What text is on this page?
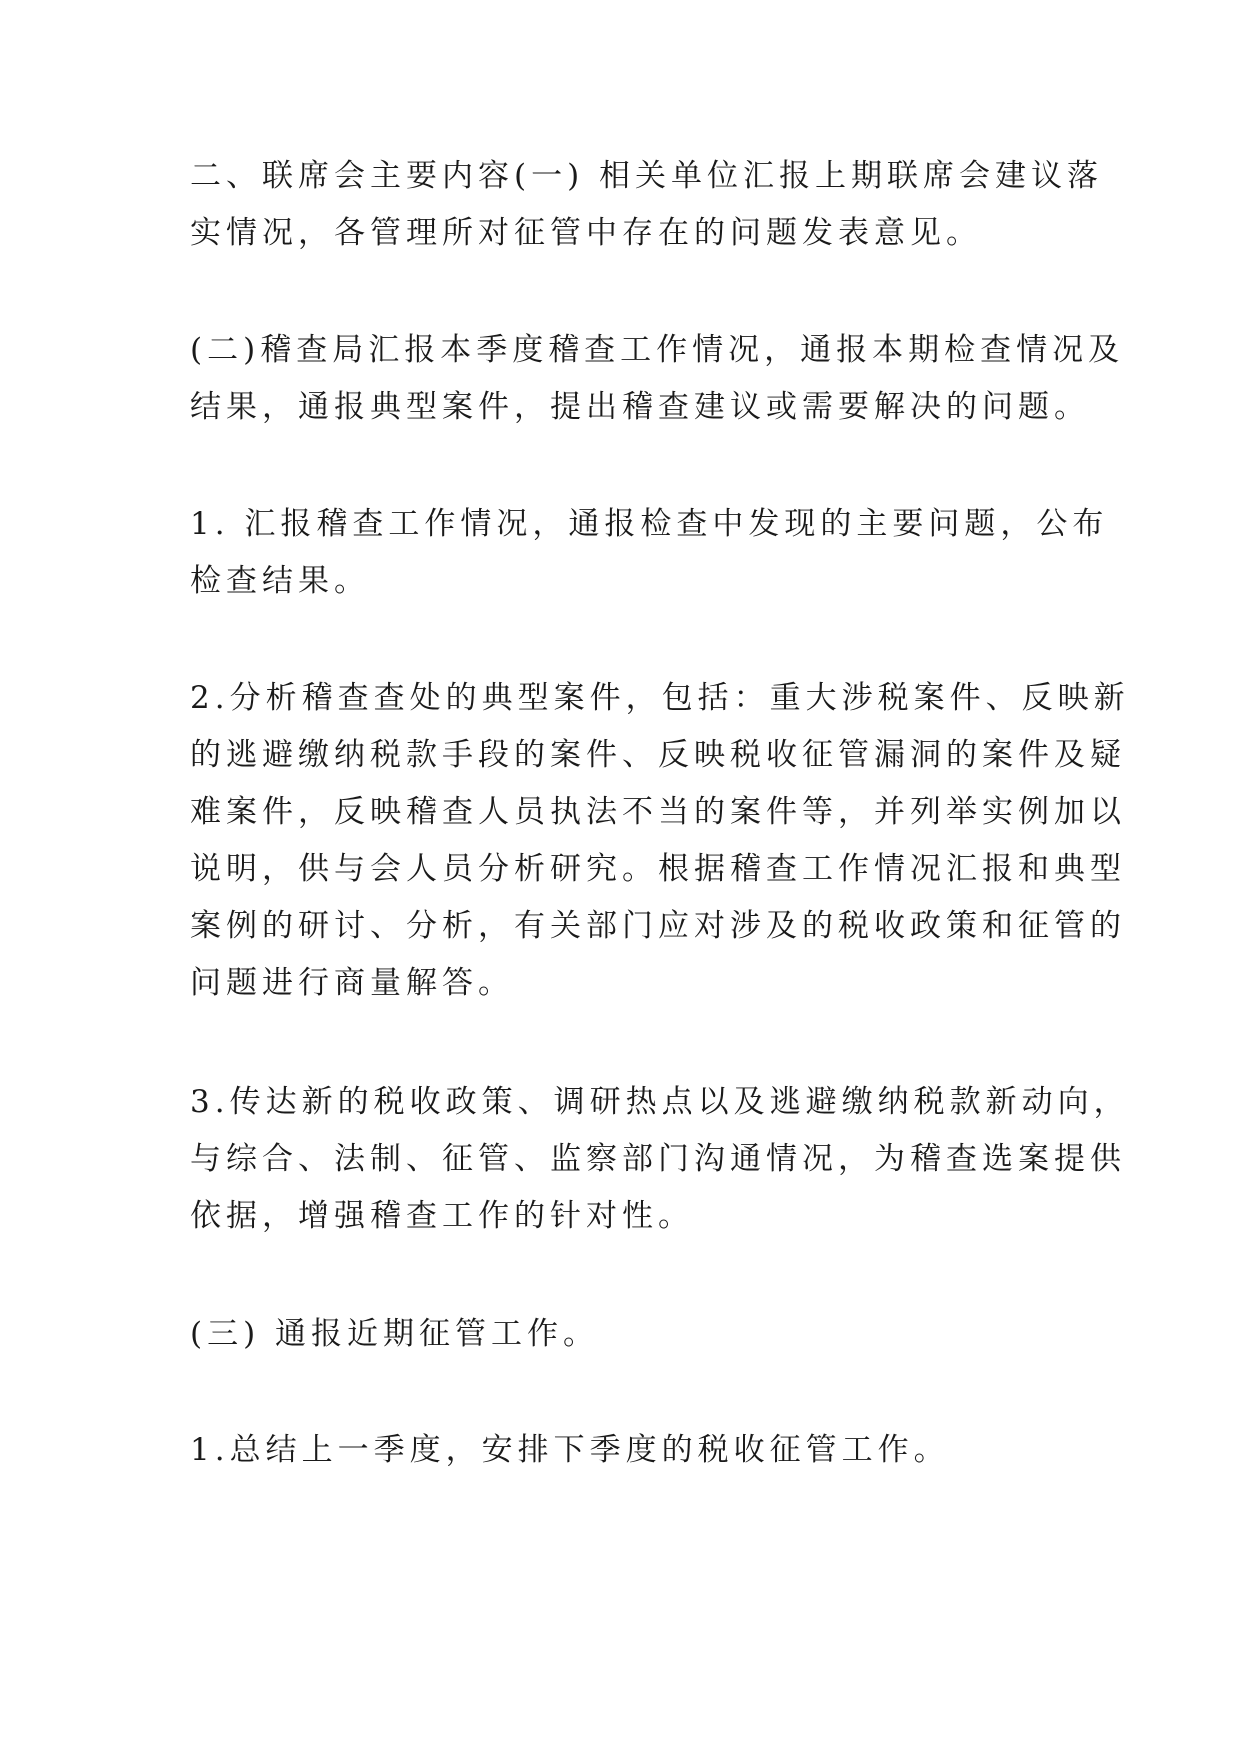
二、联席会主要内容(一) 相关单位汇报上期联席会建议落
实情况，各管理所对征管中存在的问题发表意见。
(二)稽查局汇报本季度稽查工作情况，通报本期检查情况及
结果，通报典型案件，提出稽查建议或需要解决的问题。
1. 汇报稽查工作情况，通报检查中发现的主要问题，公布
检查结果。
2.分析稽查查处的典型案件，包括：重大涉税案件、反映新
的逃避缴纳税款手段的案件、反映税收征管漏洞的案件及疑
难案件，反映稽查人员执法不当的案件等，并列举实例加以
说明，供与会人员分析研究。根据稽查工作情况汇报和典型
案例的研讨、分析，有关部门应对涉及的税收政策和征管的
问题进行商量解答。
3.传达新的税收政策、调研热点以及逃避缴纳税款新动向，
与综合、法制、征管、监察部门沟通情况，为稽查选案提供
依据，增强稽查工作的针对性。
(三) 通报近期征管工作。
1.总结上一季度，安排下季度的税收征管工作。
